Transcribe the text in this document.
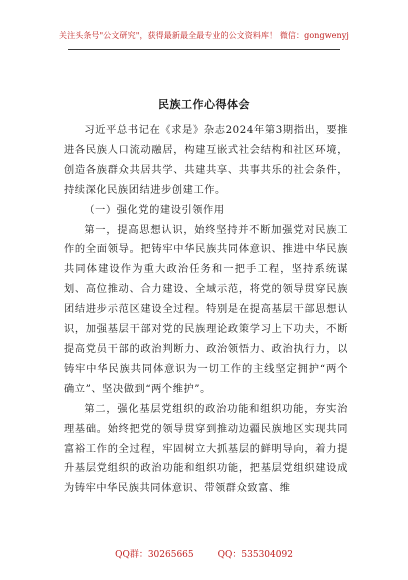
关注头条号"公文研究"，获得最新最全最专业的公文资料库！ 微信：gongwenyj
民族工作心得体会

习近平总书记在《求是》杂志2024年第3期指出，要推进各民族人口流动融居，构建互嵌式社会结构和社区环境，创造各族群众共居共学、共建共享、共事共乐的社会条件，持续深化民族团结进步创建工作。

（一）强化党的建设引领作用

第一，提高思想认识，始终坚持并不断加强党对民族工作的全面领导。把铸牢中华民族共同体意识、推进中华民族共同体建设作为重大政治任务和一把手工程，坚持系统谋划、高位推动、合力建设、全域示范，将党的领导贯穿民族团结进步示范区建设全过程。特别是在提高基层干部思想认识，加强基层干部对党的民族理论政策学习上下功夫，不断提高党员干部的政治判断力、政治领悟力、政治执行力，以铸牢中华民族共同体意识为一切工作的主线坚定拥护“两个确立”、坚决做到“两个维护”。

第二，强化基层党组织的政治功能和组织功能，夯实治理基础。始终把党的领导贯穿到推动边疆民族地区实现共同富裕工作的全过程，牢固树立大抓基层的鲜明导向，着力提升基层党组织的政治功能和组织功能，把基层党组织建设成为铸牢中华民族共同体意识、带领群众致富、维

QQ群：30265665	QQ：535304092
